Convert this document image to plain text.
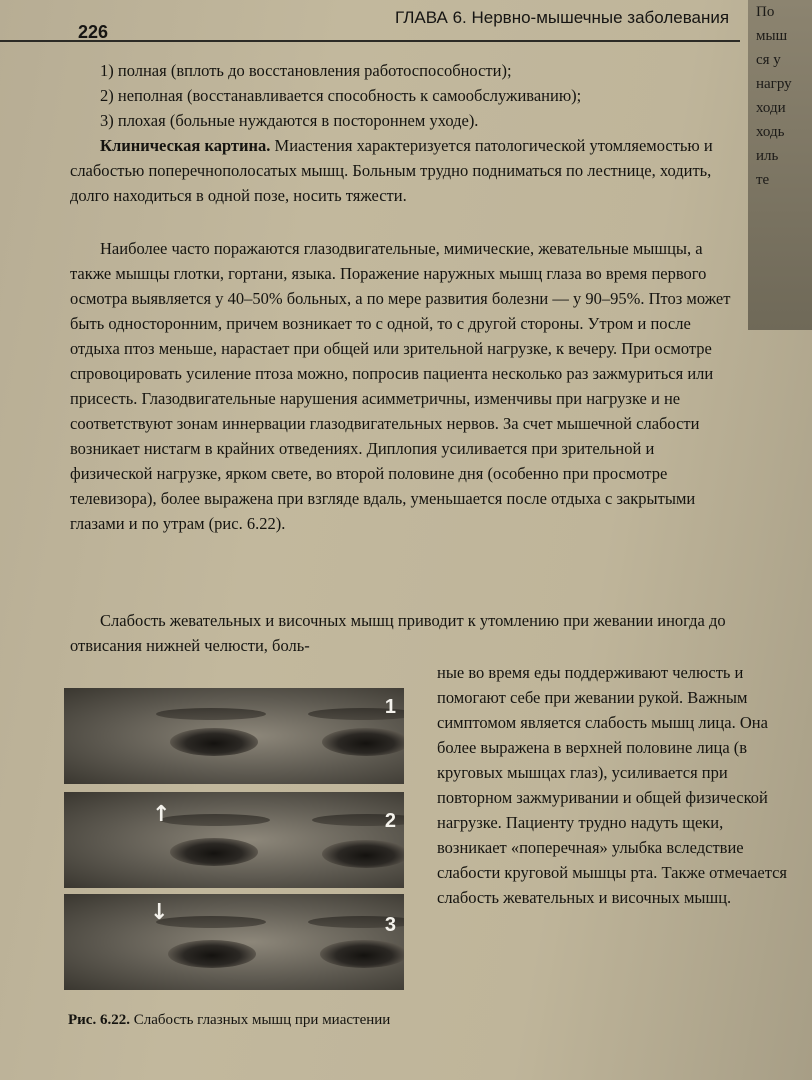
226
ГЛАВА 6. Нервно-мышечные заболевания	По
мыш
ся у
нагру
ходи
ходь
иль
те

1) полная (вплоть до восстановления работоспособности);

2) неполная (восстанавливается способность к самообслуживанию);

3) плохая (больные нуждаются в постороннем уходе).

Клиническая картина. Миастения характеризуется патологической утомляемостью и слабостью поперечнополосатых мышц. Больным трудно подниматься по лестнице, ходить, долго находиться в одной позе, носить тяжести.

Наиболее часто поражаются глазодвигательные, мимические, жевательные мышцы, а также мышцы глотки, гортани, языка. Поражение наружных мышц глаза во время первого осмотра выявляется у 40–50% больных, а по мере развития болезни — у 90–95%. Птоз может быть односторонним, причем возникает то с одной, то с другой стороны. Утром и после отдыха птоз меньше, нарастает при общей или зрительной нагрузке, к вечеру. При осмотре спровоцировать усиление птоза можно, попросив пациента несколько раз зажмуриться или присесть. Глазодвигательные нарушения асимметричны, изменчивы при нагрузке и не соответствуют зонам иннервации глазодвигательных нервов. За счет мышечной слабости возникает нистагм в крайних отведениях. Диплопия усиливается при зрительной и физической нагрузке, ярком свете, во второй половине дня (особенно при просмотре телевизора), более выражена при взгляде вдаль, уменьшается после отдыха с закрытыми глазами и по утрам (рис. 6.22).

Слабость жевательных и височных мышц приводит к утомлению при жевании иногда до отвисания нижней челюсти, боль-

ные во время еды поддерживают челюсть и помогают себе при жевании рукой. Важным симптомом является слабость мышц лица. Она более выражена в верхней половине лица (в круговых мышцах глаз), усиливается при повторном зажмуривании и общей физической нагрузке. Пациенту трудно надуть щеки, возникает «поперечная» улыбка вследствие слабости круговой мышцы рта. Также отмечается слабость жевательных и височных мышц.

1
↑	2
↓	3
Рис. 6.22. Слабость глазных мышц при миастении
